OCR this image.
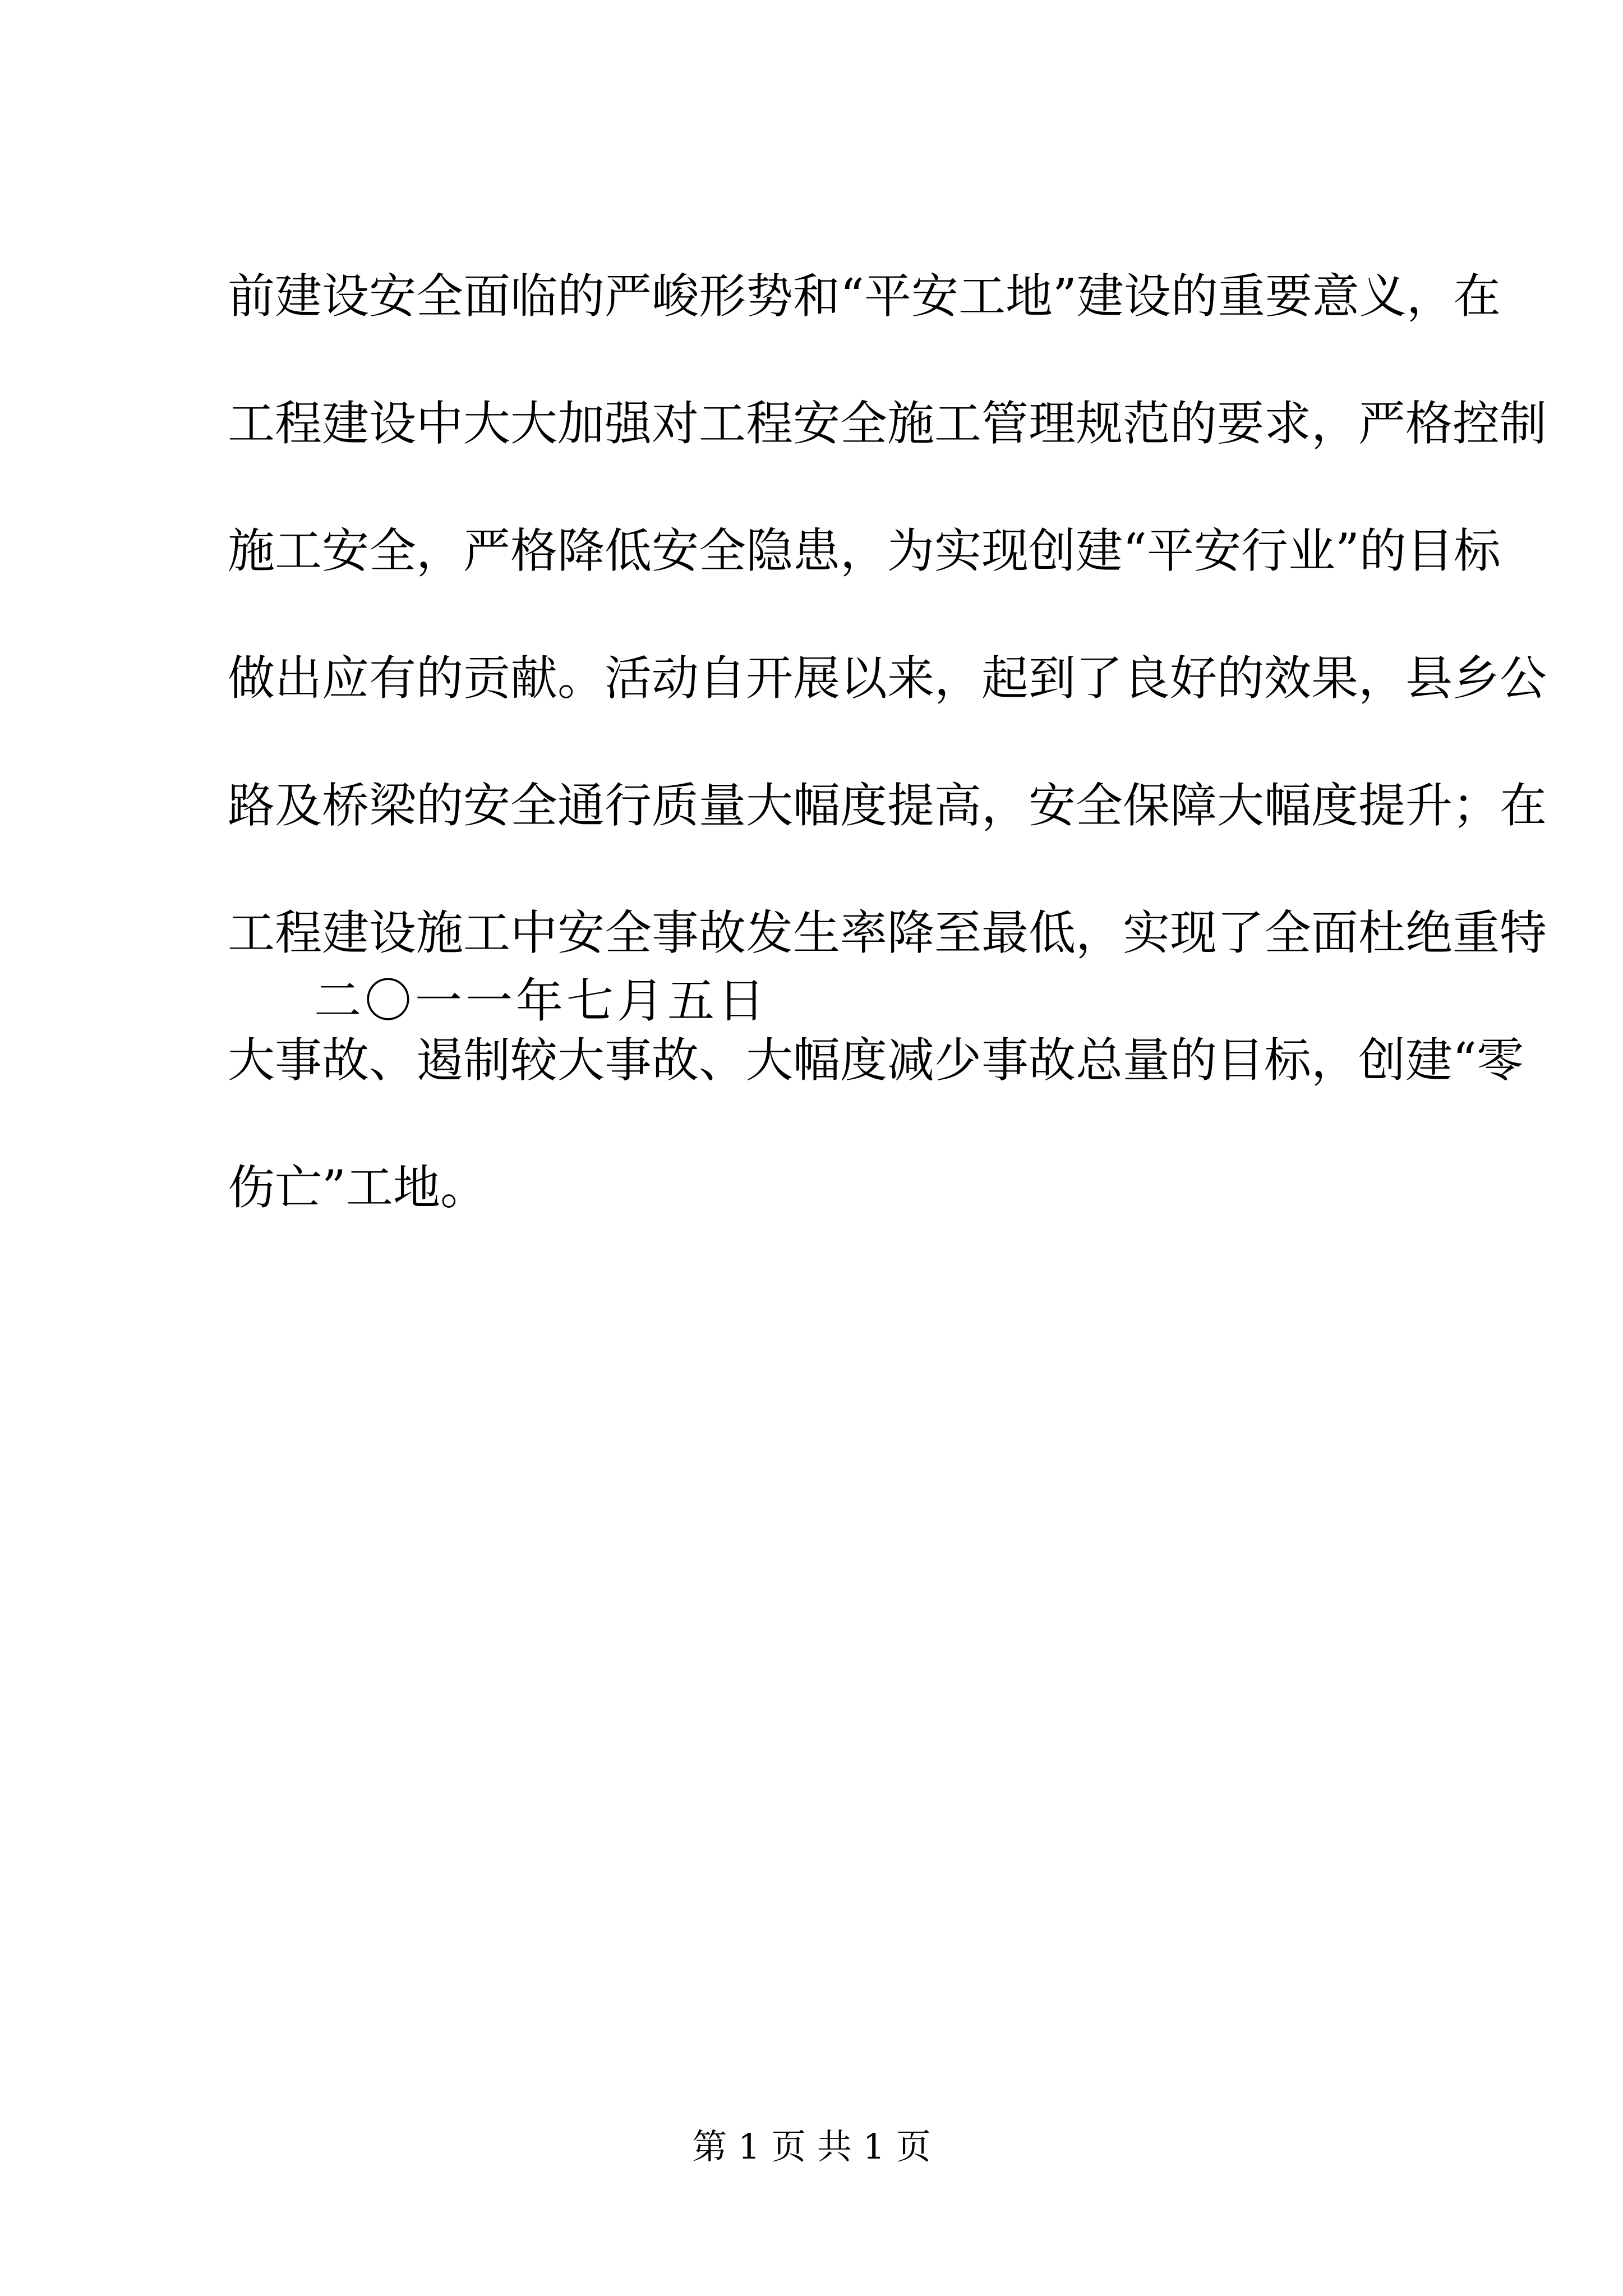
前建设安全面临的严峻形势和“平安工地”建设的重要意义，在
工程建设中大大加强对工程安全施工管理规范的要求，严格控制
施工安全，严格降低安全隐患，为实现创建“平安行业”的目标
做出应有的贡献。活动自开展以来，起到了良好的效果，县乡公
路及桥梁的安全通行质量大幅度提高，安全保障大幅度提升；在
工程建设施工中安全事故发生率降至最低，实现了全面杜绝重特
大事故、遏制较大事故、大幅度减少事故总量的目标，创建“零
伤亡”工地。
二〇一一年七月五日
第 1 页 共 1 页
